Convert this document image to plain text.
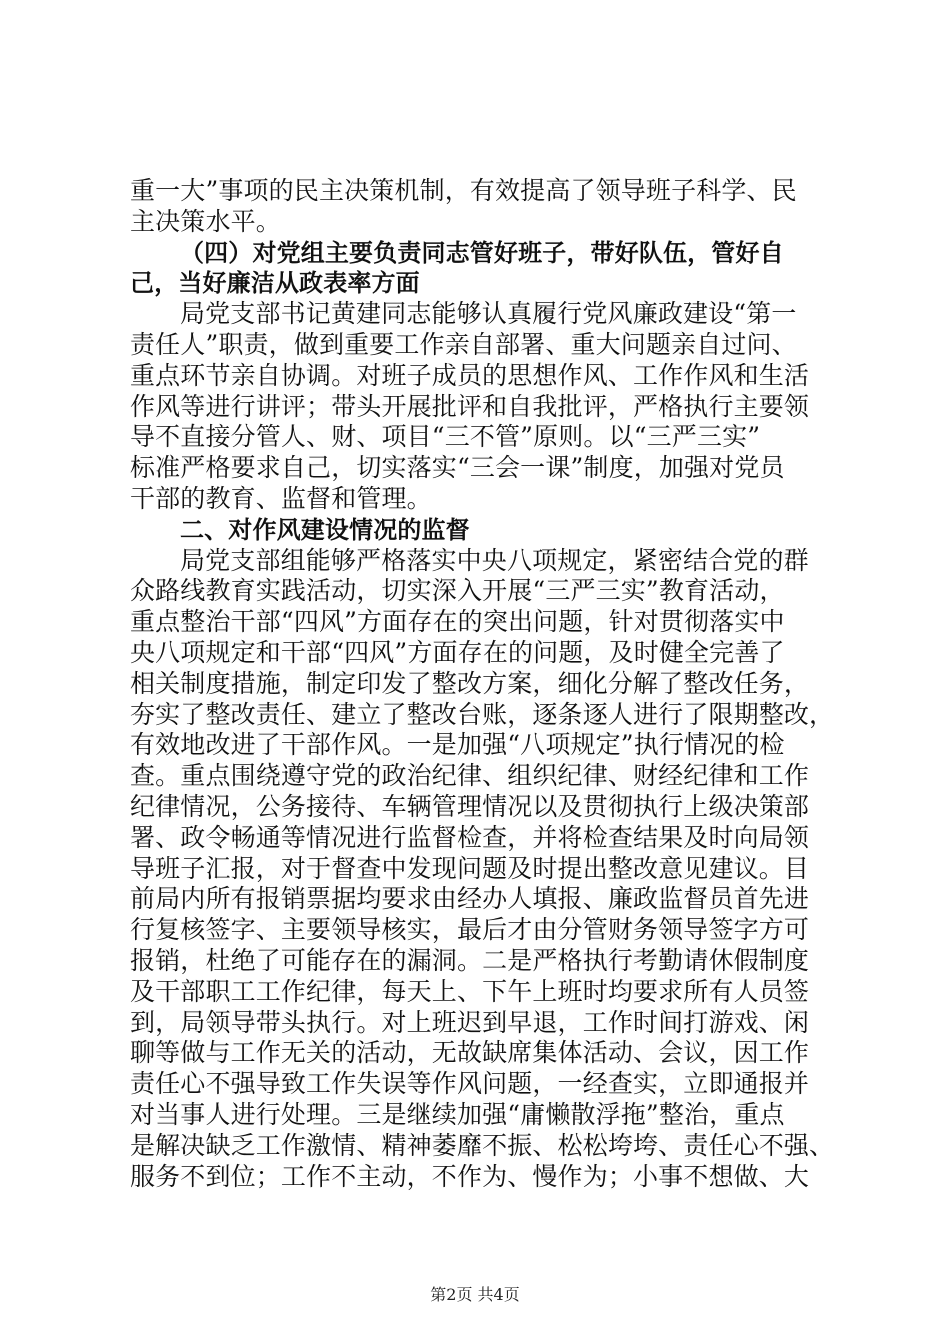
重一大”事项的民主决策机制，有效提高了领导班子科学、民
主决策水平。
（四）对党组主要负责同志管好班子，带好队伍，管好自
己，当好廉洁从政表率方面
局党支部书记黄建同志能够认真履行党风廉政建设“第一
责任人”职责，做到重要工作亲自部署、重大问题亲自过问、
重点环节亲自协调。对班子成员的思想作风、工作作风和生活
作风等进行讲评；带头开展批评和自我批评，严格执行主要领
导不直接分管人、财、项目“三不管”原则。以“三严三实”
标准严格要求自己，切实落实“三会一课”制度，加强对党员
干部的教育、监督和管理。
二、对作风建设情况的监督
局党支部组能够严格落实中央八项规定，紧密结合党的群
众路线教育实践活动，切实深入开展“三严三实”教育活动，
重点整治干部“四风”方面存在的突出问题，针对贯彻落实中
央八项规定和干部“四风”方面存在的问题，及时健全完善了
相关制度措施，制定印发了整改方案，细化分解了整改任务，
夯实了整改责任、建立了整改台账，逐条逐人进行了限期整改，
有效地改进了干部作风。一是加强“八项规定”执行情况的检
查。重点围绕遵守党的政治纪律、组织纪律、财经纪律和工作
纪律情况，公务接待、车辆管理情况以及贯彻执行上级决策部
署、政令畅通等情况进行监督检查，并将检查结果及时向局领
导班子汇报，对于督查中发现问题及时提出整改意见建议。目
前局内所有报销票据均要求由经办人填报、廉政监督员首先进
行复核签字、主要领导核实，最后才由分管财务领导签字方可
报销，杜绝了可能存在的漏洞。二是严格执行考勤请休假制度
及干部职工工作纪律，每天上、下午上班时均要求所有人员签
到，局领导带头执行。对上班迟到早退，工作时间打游戏、闲
聊等做与工作无关的活动，无故缺席集体活动、会议，因工作
责任心不强导致工作失误等作风问题，一经查实，立即通报并
对当事人进行处理。三是继续加强“庸懒散浮拖”整治，重点
是解决缺乏工作激情、精神萎靡不振、松松垮垮、责任心不强、
服务不到位；工作不主动，不作为、慢作为；小事不想做、大
第2页 共4页
